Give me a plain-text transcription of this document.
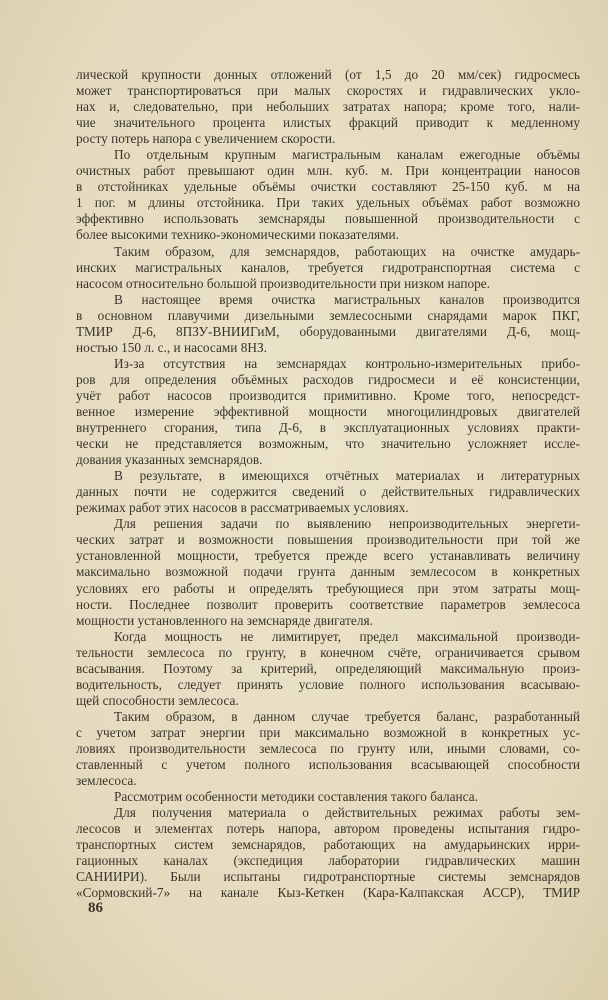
лической крупности донных отложений (от 1,5 до 20 мм/сек) гидросмесь
может транспортироваться при малых скоростях и гидравлических укло-
нах и, следовательно, при небольших затратах напора; кроме того, нали-
чие значительного процента илистых фракций приводит к медленному
росту потерь напора с увеличением скорости.
По отдельным крупным магистральным каналам ежегодные объёмы
очистных работ превышают один млн. куб. м. При концентрации наносов
в отстойниках удельные объёмы очистки составляют 25-150 куб. м на
1 пог. м длины отстойника. При таких удельных объёмах работ возможно
эффективно использовать земснаряды повышенной производительности с
более высокими технико-экономическими показателями.
Таким образом, для земснарядов, работающих на очистке амударь-
инских магистральных каналов, требуется гидротранспортная система с
насосом относительно большой производительности при низком напоре.
В настоящее время очистка магистральных каналов производится
в основном плавучими дизельными землесосными снарядами марок ПКГ,
ТМИР Д-6, 8ПЗУ-ВНИИГиМ, оборудованными двигателями Д-6, мощ-
ностью 150 л. с., и насосами 8НЗ.
Из-за отсутствия на земснарядах контрольно-измерительных прибо-
ров для определения объёмных расходов гидросмеси и её консистенции,
учёт работ насосов производится примитивно. Кроме того, непосредст-
венное измерение эффективной мощности многоцилиндровых двигателей
внутреннего сгорания, типа Д-6, в эксплуатационных условиях практи-
чески не представляется возможным, что значительно усложняет иссле-
дования указанных земснарядов.
В результате, в имеющихся отчётных материалах и литературных
данных почти не содержится сведений о действительных гидравлических
режимах работ этих насосов в рассматриваемых условиях.
Для решения задачи по выявлению непроизводительных энергети-
ческих затрат и возможности повышения производительности при той же
установленной мощности, требуется прежде всего устанавливать величину
максимально возможной подачи грунта данным землесосом в конкретных
условиях его работы и определять требующиеся при этом затраты мощ-
ности. Последнее позволит проверить соответствие параметров землесоса
мощности установленного на земснаряде двигателя.
Когда мощность не лимитирует, предел максимальной производи-
тельности землесоса по грунту, в конечном счёте, ограничивается срывом
всасывания. Поэтому за критерий, определяющий максимальную произ-
водительность, следует принять условие полного использования всасываю-
щей способности землесоса.
Таким образом, в данном случае требуется баланс, разработанный
с учетом затрат энергии при максимально возможной в конкретных ус-
ловиях производительности землесоса по грунту или, иными словами, со-
ставленный с учетом полного использования всасывающей способности
землесоса.
Рассмотрим особенности методики составления такого баланса.
Для получения материала о действительных режимах работы зем-
лесосов и элементах потерь напора, автором проведены испытания гидро-
транспортных систем земснарядов, работающих на амударьинских ирри-
гационных каналах (экспедиция лаборатории гидравлических машин
САНИИРИ). Были испытаны гидротранспортные системы земснарядов
«Сормовский-7» на канале Кыз-Кеткен (Кара-Калпакская АССР), ТМИР
86
